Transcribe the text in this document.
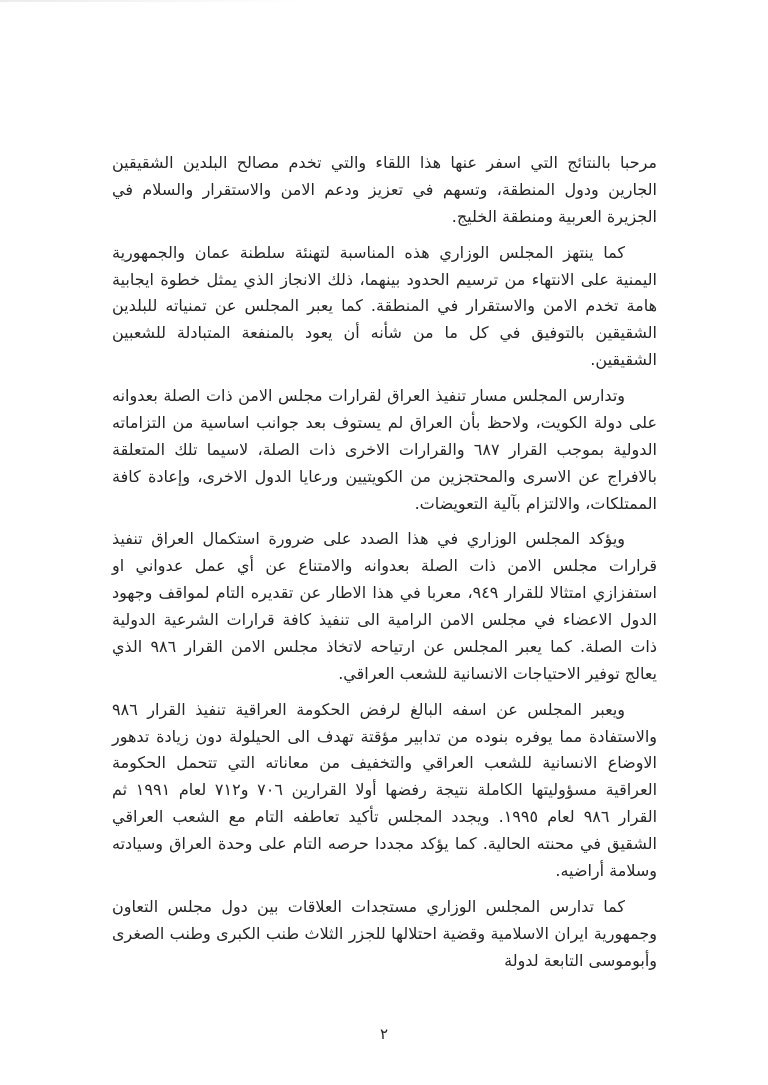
مرحبا بالنتائج التي اسفر عنها هذا اللقاء والتي تخدم مصالح البلدين الشقيقين الجارين ودول المنطقة، وتسهم في تعزيز ودعم الامن والاستقرار والسلام في الجزيرة العربية ومنطقة الخليج.

كما ينتهز المجلس الوزاري هذه المناسبة لتهنئة سلطنة عمان والجمهورية اليمنية على الانتهاء من ترسيم الحدود بينهما، ذلك الانجاز الذي يمثل خطوة ايجابية هامة تخدم الامن والاستقرار في المنطقة. كما يعبر المجلس عن تمنياته للبلدين الشقيقين بالتوفيق في كل ما من شأنه أن يعود بالمنفعة المتبادلة للشعبين الشقيقين.

وتدارس المجلس مسار تنفيذ العراق لقرارات مجلس الامن ذات الصلة بعدوانه على دولة الكويت، ولاحظ بأن العراق لم يستوف بعد جوانب اساسية من التزاماته الدولية بموجب القرار ٦٨٧ والقرارات الاخرى ذات الصلة، لاسيما تلك المتعلقة بالافراج عن الاسرى والمحتجزين من الكويتيين ورعايا الدول الاخرى، وإعادة كافة الممتلكات، والالتزام بآلية التعويضات.

ويؤكد المجلس الوزاري في هذا الصدد على ضرورة استكمال العراق تنفيذ قرارات مجلس الامن ذات الصلة بعدوانه والامتناع عن أي عمل عدواني او استفزازي امتثالا للقرار ٩٤٩، معربا في هذا الاطار عن تقديره التام لمواقف وجهود الدول الاعضاء في مجلس الامن الرامية الى تنفيذ كافة قرارات الشرعية الدولية ذات الصلة. كما يعبر المجلس عن ارتياحه لاتخاذ مجلس الامن القرار ٩٨٦ الذي يعالج توفير الاحتياجات الانسانية للشعب العراقي.

ويعبر المجلس عن اسفه البالغ لرفض الحكومة العراقية تنفيذ القرار ٩٨٦ والاستفادة مما يوفره بنوده من تدابير مؤقتة تهدف الى الحيلولة دون زيادة تدهور الاوضاع الانسانية للشعب العراقي والتخفيف من معاناته التي تتحمل الحكومة العراقية مسؤوليتها الكاملة نتيجة رفضها أولا القرارين ٧٠٦ و٧١٢ لعام ١٩٩١ ثم القرار ٩٨٦ لعام ١٩٩٥. ويجدد المجلس تأكيد تعاطفه التام مع الشعب العراقي الشقيق في محنته الحالية. كما يؤكد مجددا حرصه التام على وحدة العراق وسيادته وسلامة أراضيه.

كما تدارس المجلس الوزاري مستجدات العلاقات بين دول مجلس التعاون وجمهورية ايران الاسلامية وقضية احتلالها للجزر الثلاث طنب الكبرى وطنب الصغرى وأبوموسى التابعة لدولة

٢
